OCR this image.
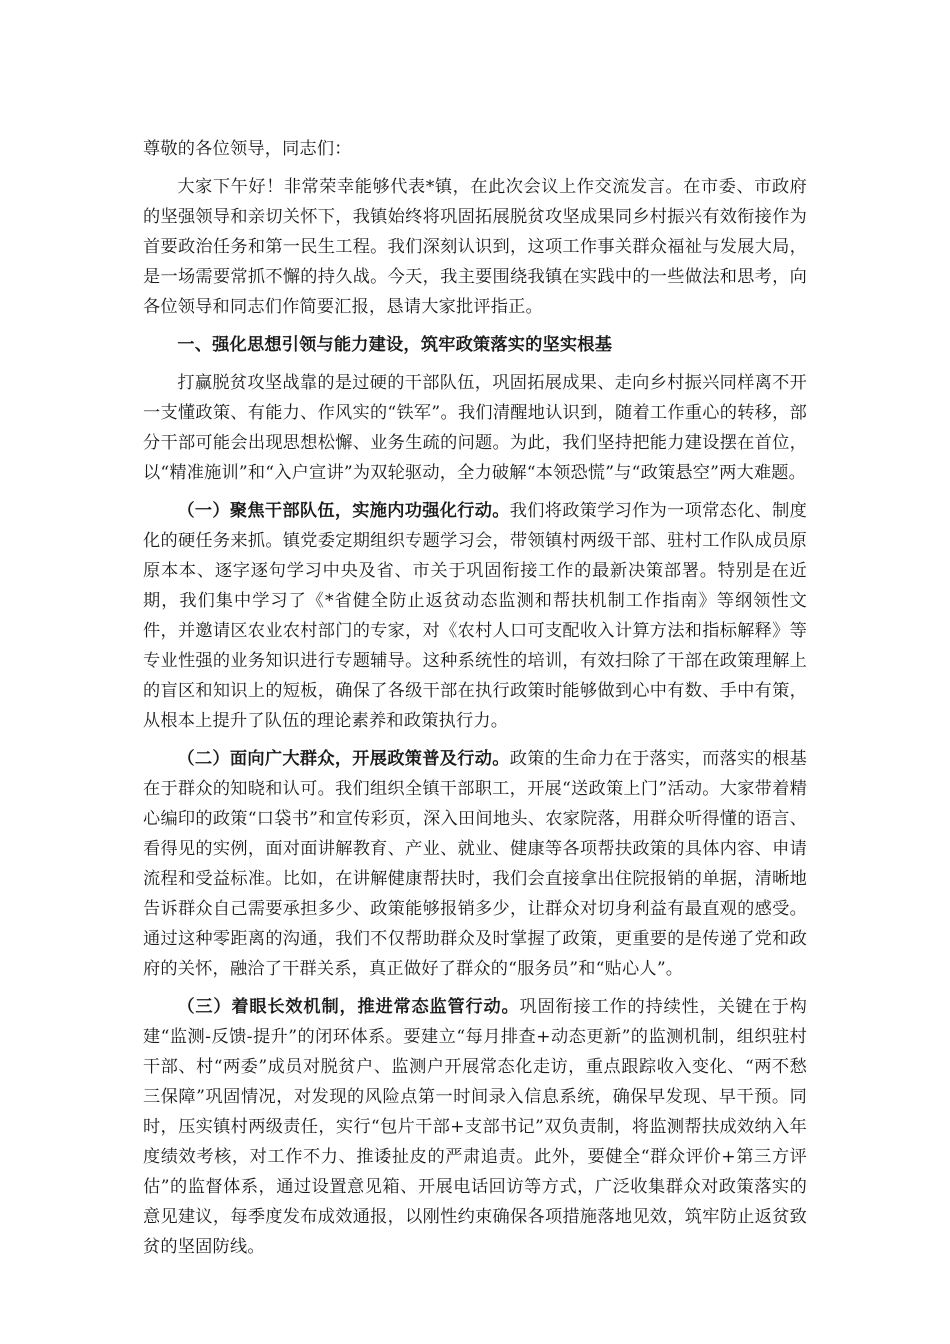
尊敬的各位领导，同志们：

大家下午好！非常荣幸能够代表*镇，在此次会议上作交流发言。在市委、市政府的坚强领导和亲切关怀下，我镇始终将巩固拓展脱贫攻坚成果同乡村振兴有效衔接作为首要政治任务和第一民生工程。我们深刻认识到，这项工作事关群众福祉与发展大局，是一场需要常抓不懈的持久战。今天，我主要围绕我镇在实践中的一些做法和思考，向各位领导和同志们作简要汇报，恳请大家批评指正。

一、强化思想引领与能力建设，筑牢政策落实的坚实根基

打赢脱贫攻坚战靠的是过硬的干部队伍，巩固拓展成果、走向乡村振兴同样离不开一支懂政策、有能力、作风实的“铁军”。我们清醒地认识到，随着工作重心的转移，部分干部可能会出现思想松懈、业务生疏的问题。为此，我们坚持把能力建设摆在首位，以“精准施训”和“入户宣讲”为双轮驱动，全力破解“本领恐慌”与“政策悬空”两大难题。

（一）聚焦干部队伍，实施内功强化行动。我们将政策学习作为一项常态化、制度化的硬任务来抓。镇党委定期组织专题学习会，带领镇村两级干部、驻村工作队成员原原本本、逐字逐句学习中央及省、市关于巩固衔接工作的最新决策部署。特别是在近期，我们集中学习了《*省健全防止返贫动态监测和帮扶机制工作指南》等纲领性文件，并邀请区农业农村部门的专家，对《农村人口可支配收入计算方法和指标解释》等专业性强的业务知识进行专题辅导。这种系统性的培训，有效扫除了干部在政策理解上的盲区和知识上的短板，确保了各级干部在执行政策时能够做到心中有数、手中有策，从根本上提升了队伍的理论素养和政策执行力。

（二）面向广大群众，开展政策普及行动。政策的生命力在于落实，而落实的根基在于群众的知晓和认可。我们组织全镇干部职工，开展“送政策上门”活动。大家带着精心编印的政策“口袋书”和宣传彩页，深入田间地头、农家院落，用群众听得懂的语言、看得见的实例，面对面讲解教育、产业、就业、健康等各项帮扶政策的具体内容、申请流程和受益标准。比如，在讲解健康帮扶时，我们会直接拿出住院报销的单据，清晰地告诉群众自己需要承担多少、政策能够报销多少，让群众对切身利益有最直观的感受。通过这种零距离的沟通，我们不仅帮助群众及时掌握了政策，更重要的是传递了党和政府的关怀，融洽了干群关系，真正做好了群众的“服务员”和“贴心人”。

（三）着眼长效机制，推进常态监管行动。巩固衔接工作的持续性，关键在于构建“监测-反馈-提升”的闭环体系。要建立“每月排查+动态更新”的监测机制，组织驻村干部、村“两委”成员对脱贫户、监测户开展常态化走访，重点跟踪收入变化、“两不愁三保障”巩固情况，对发现的风险点第一时间录入信息系统，确保早发现、早干预。同时，压实镇村两级责任，实行“包片干部+支部书记”双负责制，将监测帮扶成效纳入年度绩效考核，对工作不力、推诿扯皮的严肃追责。此外，要健全“群众评价+第三方评估”的监督体系，通过设置意见箱、开展电话回访等方式，广泛收集群众对政策落实的意见建议，每季度发布成效通报，以刚性约束确保各项措施落地见效，筑牢防止返贫致贫的坚固防线。
